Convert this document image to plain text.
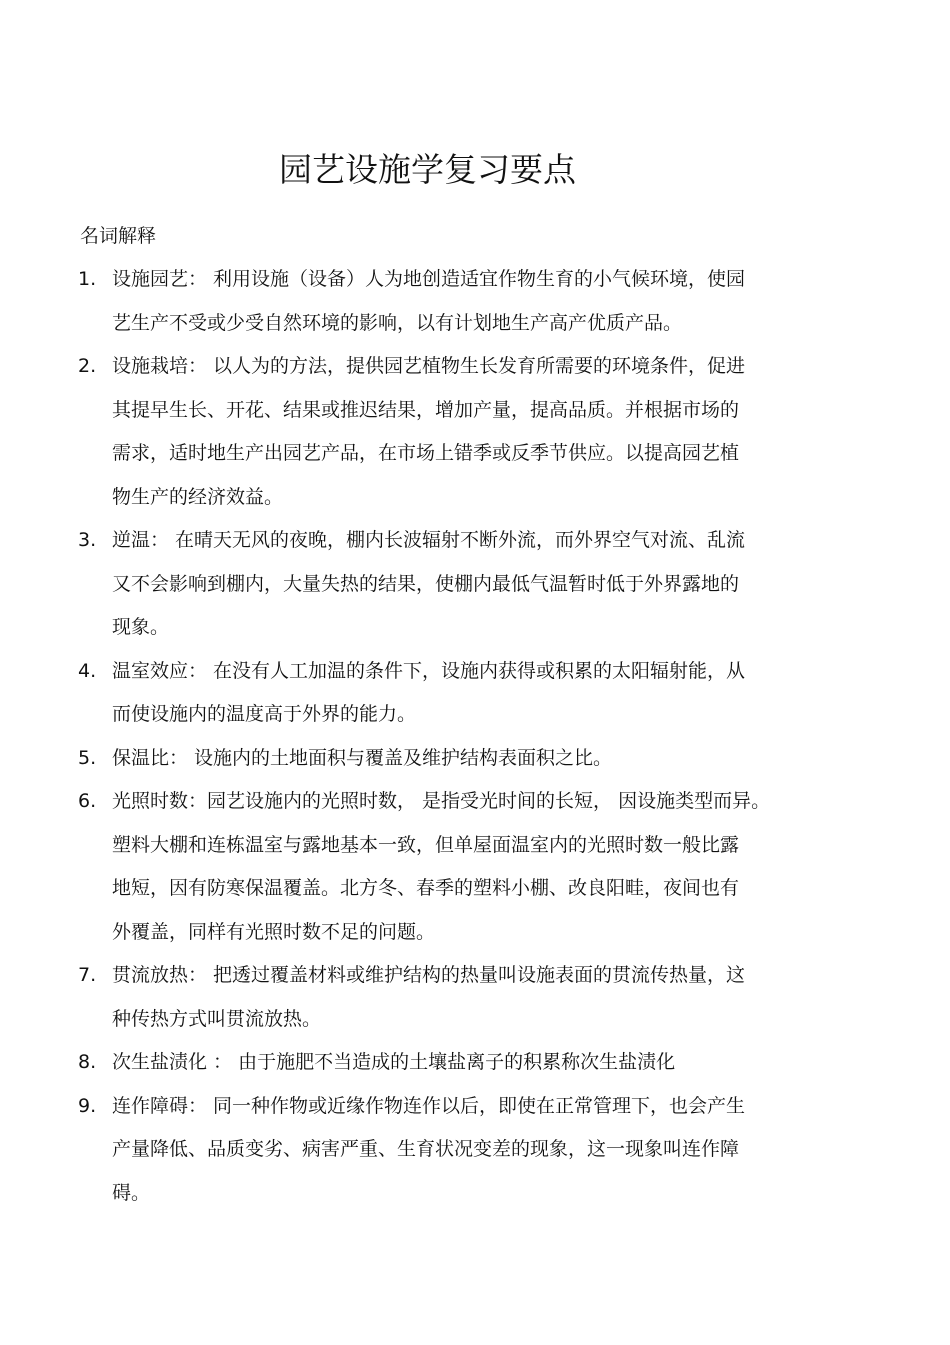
园艺设施学复习要点
名词解释
1. 设施园艺： 利用设施（设备）人为地创造适宜作物生育的小气候环境，使园
艺生产不受或少受自然环境的影响，以有计划地生产高产优质产品。
2. 设施栽培： 以人为的方法，提供园艺植物生长发育所需要的环境条件，促进
其提早生长、开花、结果或推迟结果，增加产量，提高品质。并根据市场的
需求，适时地生产出园艺产品，在市场上错季或反季节供应。以提高园艺植
物生产的经济效益。
3. 逆温： 在晴天无风的夜晚，棚内长波辐射不断外流，而外界空气对流、乱流
又不会影响到棚内，大量失热的结果，使棚内最低气温暂时低于外界露地的
现象。
4. 温室效应： 在没有人工加温的条件下，设施内获得或积累的太阳辐射能，从
而使设施内的温度高于外界的能力。
5. 保温比： 设施内的土地面积与覆盖及维护结构表面积之比。
6. 光照时数：园艺设施内的光照时数， 是指受光时间的长短， 因设施类型而异。
塑料大棚和连栋温室与露地基本一致，但单屋面温室内的光照时数一般比露
地短，因有防寒保温覆盖。北方冬、春季的塑料小棚、改良阳畦，夜间也有
外覆盖，同样有光照时数不足的问题。
7. 贯流放热： 把透过覆盖材料或维护结构的热量叫设施表面的贯流传热量，这
种传热方式叫贯流放热。
8. 次生盐渍化 ： 由于施肥不当造成的土壤盐离子的积累称次生盐渍化
9. 连作障碍： 同一种作物或近缘作物连作以后，即使在正常管理下，也会产生
产量降低、品质变劣、病害严重、生育状况变差的现象，这一现象叫连作障
碍。
